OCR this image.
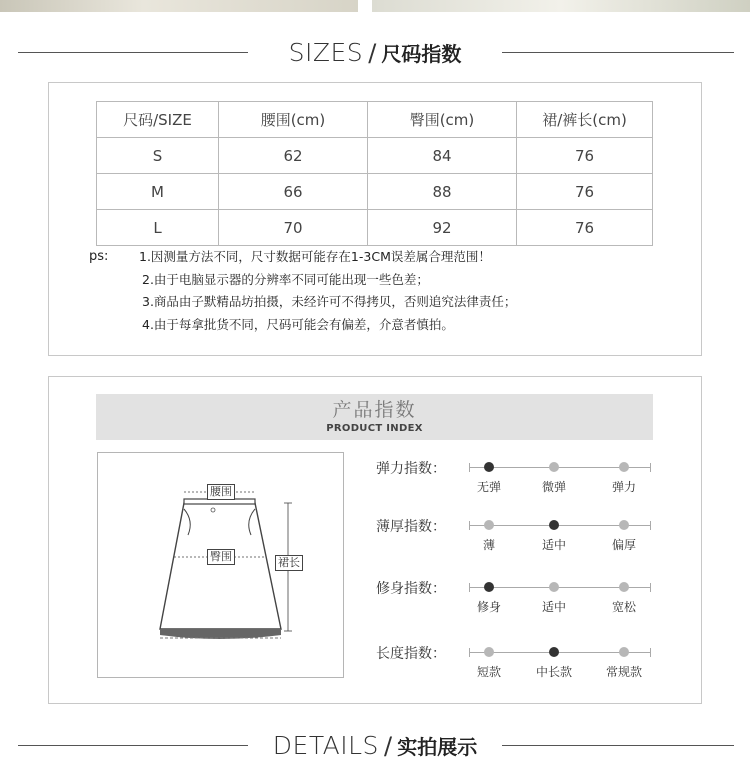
SIZES / 尺码指数
尺码/SIZE	腰围(cm)	臀围(cm)	裙/裤长(cm)
S	62	84	76
M	66	88	76
L	70	92	76
ps: 1.因测量方法不同，尺寸数据可能存在1-3CM误差属合理范围！
2.由于电脑显示器的分辨率不同可能出现一些色差；
3.商品由子默精品坊拍摄，未经许可不得拷贝，否则追究法律责任；
4.由于每拿批货不同，尺码可能会有偏差，介意者慎拍。
产品指数
PRODUCT INDEX
腰围
臀围	裙长
弹力指数：
无弹	微弹	弹力
薄厚指数：
薄	适中	偏厚
修身指数：
修身	适中	宽松
长度指数：
短款	中长款	常规款
DETAILS / 实拍展示
